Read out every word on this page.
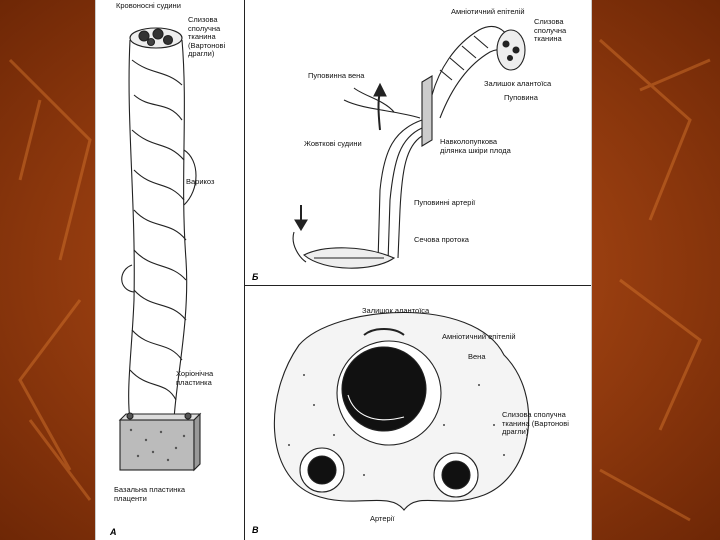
Кровоносні судини
Слизова
сполучна
тканина
(Вартонові
драгли)
Варикоз
Хоріонічна
пластинка
Базальна пластинка
плаценти
А
Амніотичний епітелій
Слизова
сполучна
тканина
Пуповинна вена
Залишок алантоїса
Пуповина
Жовткові судини	Навколопупкова
ділянка шкіри плода
Пуповинні артерії
Сечова протока
Б
Залишок алантоїса
Амніотичний епітелій
Вена
Слизова сполучна
тканина (Вартонові
драгли)
Артерії
В
